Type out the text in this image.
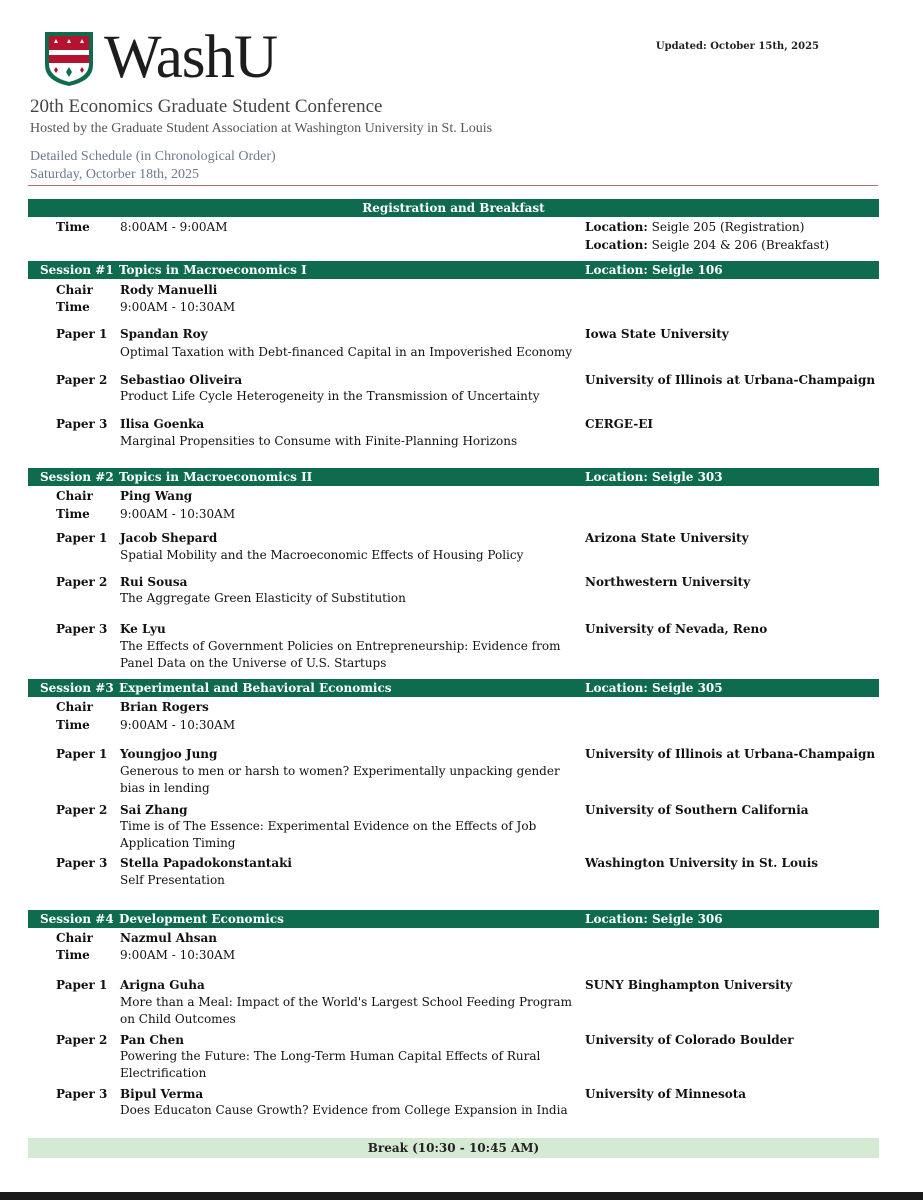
WashU	Updated: October 15th, 2025
20th Economics Graduate Student Conference
Hosted by the Graduate Student Association at Washington University in St. Louis
Detailed Schedule (in Chronological Order)
Saturday, Octorber 18th, 2025
Registration and Breakfast
Time	8:00AM - 9:00AM	Location: Seigle 205 (Registration)
Location: Seigle 204 & 206 (Breakfast)
Session #1 Topics in Macroeconomics I	Location: Seigle 106
Chair Rody Manuelli
Time	9:00AM - 10:30AM
Paper 1 Spandan Roy	Iowa State University
Optimal Taxation with Debt-financed Capital in an Impoverished Economy
Paper 2 Sebastiao Oliveira	University of Illinois at Urbana-Champaign
Product Life Cycle Heterogeneity in the Transmission of Uncertainty
Paper 3 Ilisa Goenka	CERGE-EI
Marginal Propensities to Consume with Finite-Planning Horizons
Session #2 Topics in Macroeconomics II	Location: Seigle 303
Chair Ping Wang
Time	9:00AM - 10:30AM
Paper 1 Jacob Shepard	Arizona State University
Spatial Mobility and the Macroeconomic Effects of Housing Policy
Paper 2 Rui Sousa	Northwestern University
The Aggregate Green Elasticity of Substitution
Paper 3 Ke Lyu	University of Nevada, Reno
The Effects of Government Policies on Entrepreneurship: Evidence from Panel Data on the Universe of U.S. Startups
Session #3 Experimental and Behavioral Economics	Location: Seigle 305
Chair Brian Rogers
Time	9:00AM - 10:30AM
Paper 1 Youngjoo Jung	University of Illinois at Urbana-Champaign
Generous to men or harsh to women? Experimentally unpacking gender bias in lending
Paper 2 Sai Zhang	University of Southern California
Time is of The Essence: Experimental Evidence on the Effects of Job Application Timing
Paper 3 Stella Papadokonstantaki	Washington University in St. Louis
Self Presentation
Session #4 Development Economics	Location: Seigle 306
Chair Nazmul Ahsan
Time	9:00AM - 10:30AM
Paper 1 Arigna Guha	SUNY Binghampton University
More than a Meal: Impact of the World's Largest School Feeding Program on Child Outcomes
Paper 2 Pan Chen	University of Colorado Boulder
Powering the Future: The Long-Term Human Capital Effects of Rural Electrification
Paper 3 Bipul Verma	University of Minnesota
Does Educaton Cause Growth? Evidence from College Expansion in India
Break (10:30 - 10:45 AM)
